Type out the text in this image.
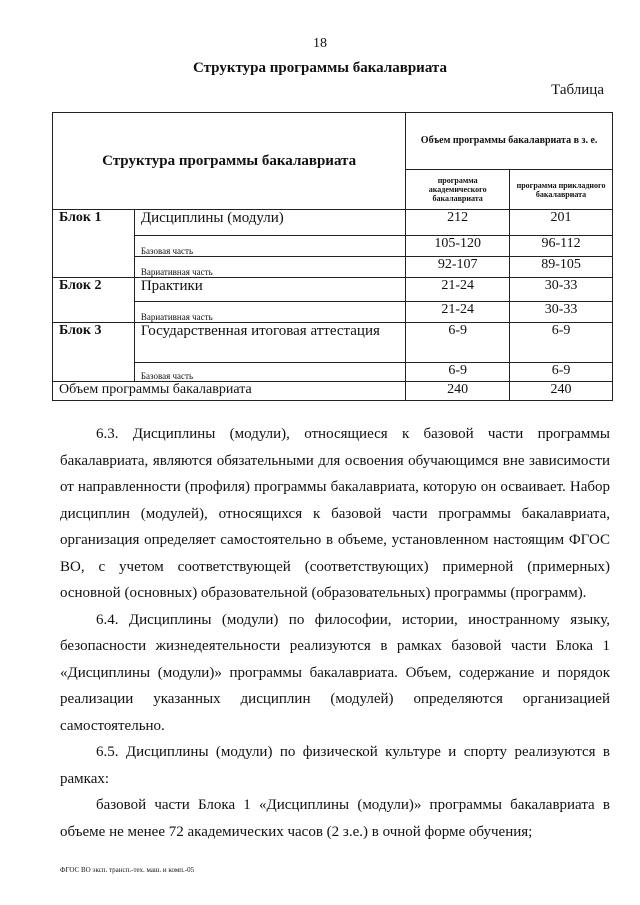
18
Структура программы бакалавриата
Таблица
Структура программы бакалавриата		Объем программы бакалавриата в з. е.	
		программа академического бакалавриата	программа прикладного бакалавриата
Блок 1	Дисциплины (модули)	212	201
	Базовая часть	105-120	96-112
	Вариативная часть	92-107	89-105
Блок 2	Практики	21-24	30-33
	Вариативная часть	21-24	30-33
Блок 3	Государственная итоговая аттестация	6-9	6-9
	Базовая часть	6-9	6-9
Объем программы бакалавриата		240	240

6.3. Дисциплины (модули), относящиеся к базовой части программы бакалавриата, являются обязательными для освоения обучающимся вне зависимости от направленности (профиля) программы бакалавриата, которую он осваивает. Набор дисциплин (модулей), относящихся к базовой части программы бакалавриата, организация определяет самостоятельно в объеме, установленном настоящим ФГОС ВО, с учетом соответствующей (соответствующих) примерной (примерных) основной (основных) образовательной (образовательных) программы (программ).

6.4. Дисциплины (модули) по философии, истории, иностранному языку, безопасности жизнедеятельности реализуются в рамках базовой части Блока 1 «Дисциплины (модули)» программы бакалавриата. Объем, содержание и порядок реализации указанных дисциплин (модулей) определяются организацией самостоятельно.

6.5. Дисциплины (модули) по физической культуре и спорту реализуются в рамках:

базовой части Блока 1 «Дисциплины (модули)» программы бакалавриата в объеме не менее 72 академических часов (2 з.е.) в очной форме обучения;

ФГОС ВО эксп. трансп.-тех. маш. и комп.-05
